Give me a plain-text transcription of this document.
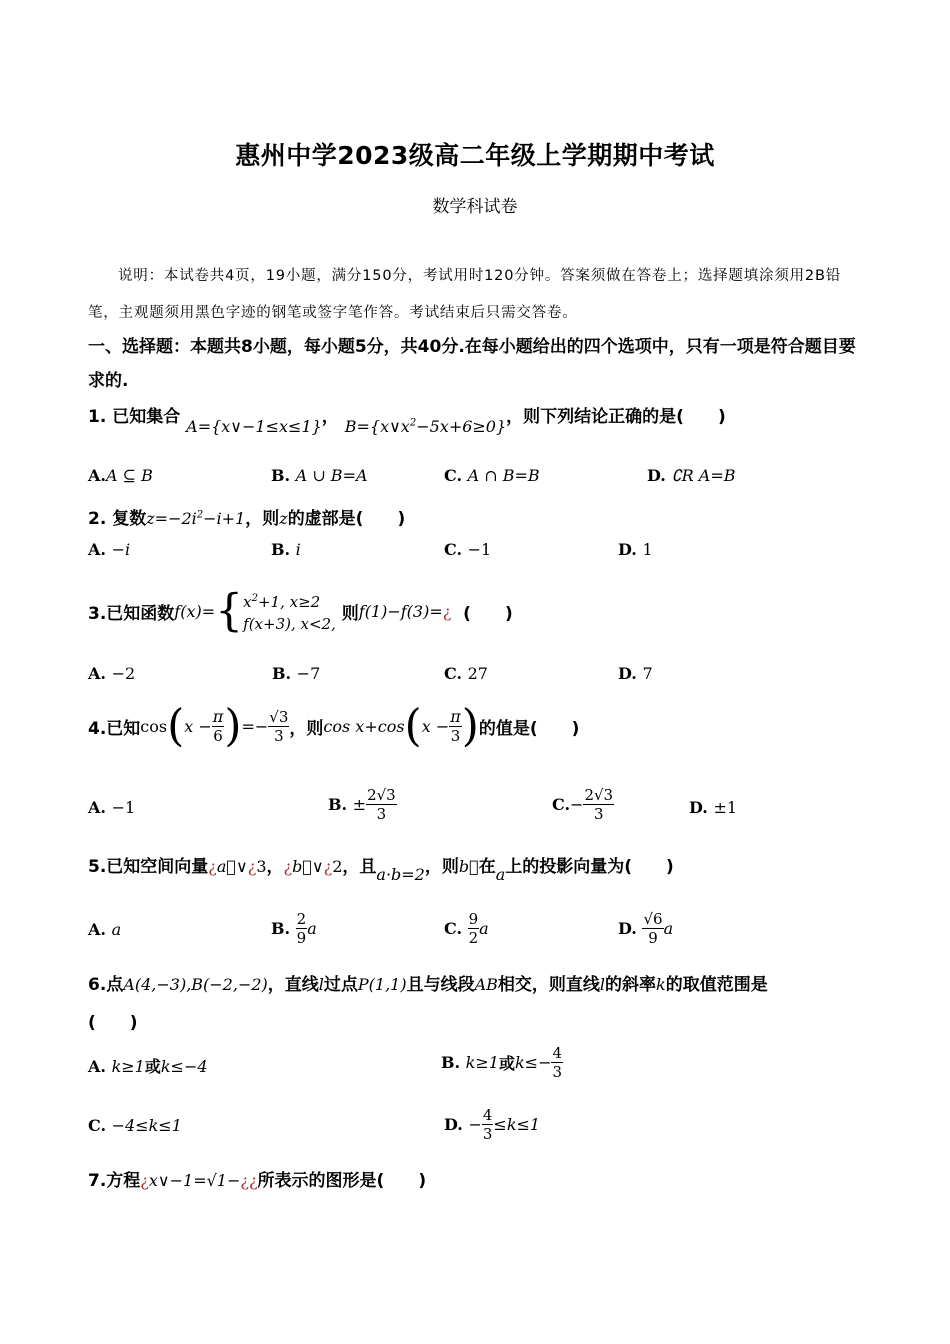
惠州中学2023级高二年级上学期期中考试
数学科试卷
说明：本试卷共4页，19小题，满分150分，考试用时120分钟。答案须做在答卷上；选择题填涂须用2B铅笔，主观题须用黑色字迹的钢笔或签字笔作答。考试结束后只需交答卷。
一、选择题：本题共8小题，每小题5分，共40分.在每小题给出的四个选项中，只有一项是符合题目要求的.
1. 已知集合 A={x∨−1≤x≤1}， $B=\{x\vee x^2-5x+6\ge 0\}$，则下列结论正确的是(　　)
A.A ⊆ B	B. A ∪ B=A	C. A ∩ B=B	D. ∁R A=B
2. 复数$z=-2i^2-i+1$，则z的虚部是(　　)
A. −i	B. i	C. −1	D. 1
3.已知函数f(x)={ $x^2+1$, x≥2
f(x+3), x<2, 则f(1)−f(3)=¿ (　　)
A. −2	B. −7	C. 27	D. 7
4.已知$\cos(x - \frac{\pi}{6}$ )=− $\frac{√3}{3}$ ，则$\cos x+\cos(x - \frac{\pi}{3}$ )的值是(　　)
A. −1	B. ± $\frac{2√3}{3}$	$C.- \frac{2√3}{3}$	D. ±1
5.已知空间向量¿a⃗∨¿3，¿b⃗∨¿2，且a·b=2，则b⃗在a上的投影向量为(　　)
A. a	B. $\frac{2}{9}$ a	C. $\frac{9}{2}$ a	D. $\frac{√6}{9}$ a
6.点A(4,−3),B(−2,−2)，直线l过点P(1,1)且与线段AB相交，则直线l的斜率k的取值范围是
(　　)
A. k≥1或k≤−4	B. k≥1或$k\le- \frac{4}{3}$
C. −4≤k≤1	D. − $\frac{4}{3} \le k\le 1$
7.方程¿x∨−1=√1−¿¿所表示的图形是(　　)
